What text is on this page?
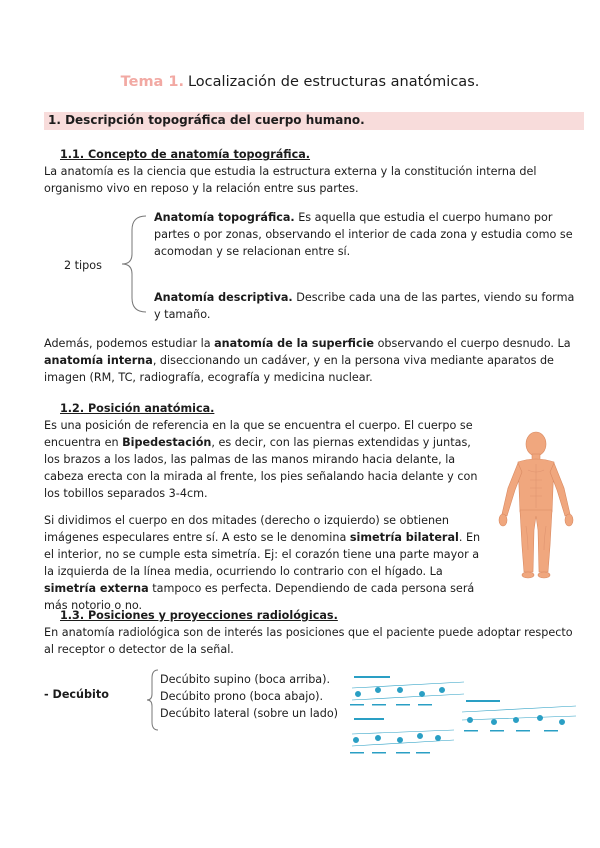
Tema 1. Localización de estructuras anatómicas.
1. Descripción topográfica del cuerpo humano.
1.1. Concepto de anatomía topográfica.
La anatomía es la ciencia que estudia la estructura externa y la constitución interna del organismo vivo en reposo y la relación entre sus partes.
2 tipos
Anatomía topográfica. Es aquella que estudia el cuerpo humano por partes o por zonas, observando el interior de cada zona y estudia como se acomodan y se relacionan entre sí.
Anatomía descriptiva. Describe cada una de las partes, viendo su forma y tamaño.
Además, podemos estudiar la anatomía de la superficie observando el cuerpo desnudo. La anatomía interna, diseccionando un cadáver, y en la persona viva mediante aparatos de imagen (RM, TC, radiografía, ecografía y medicina nuclear.
1.2. Posición anatómica.
Es una posición de referencia en la que se encuentra el cuerpo. El cuerpo se encuentra en Bipedestación, es decir, con las piernas extendidas y juntas, los brazos a los lados, las palmas de las manos mirando hacia delante, la cabeza erecta con la mirada al frente, los pies señalando hacia delante y con los tobillos separados 3-4cm.
Si dividimos el cuerpo en dos mitades (derecho o izquierdo) se obtienen imágenes especulares entre sí. A esto se le denomina simetría bilateral. En el interior, no se cumple esta simetría. Ej: el corazón tiene una parte mayor a la izquierda de la línea media, ocurriendo lo contrario con el hígado. La simetría externa tampoco es perfecta. Dependiendo de cada persona será más notorio o no.
1.3. Posiciones y proyecciones radiológicas.
En anatomía radiológica son de interés las posiciones que el paciente puede adoptar respecto al receptor o detector de la señal.
- Decúbito
Decúbito supino (boca arriba).
Decúbito prono (boca abajo).
Decúbito lateral (sobre un lado)
